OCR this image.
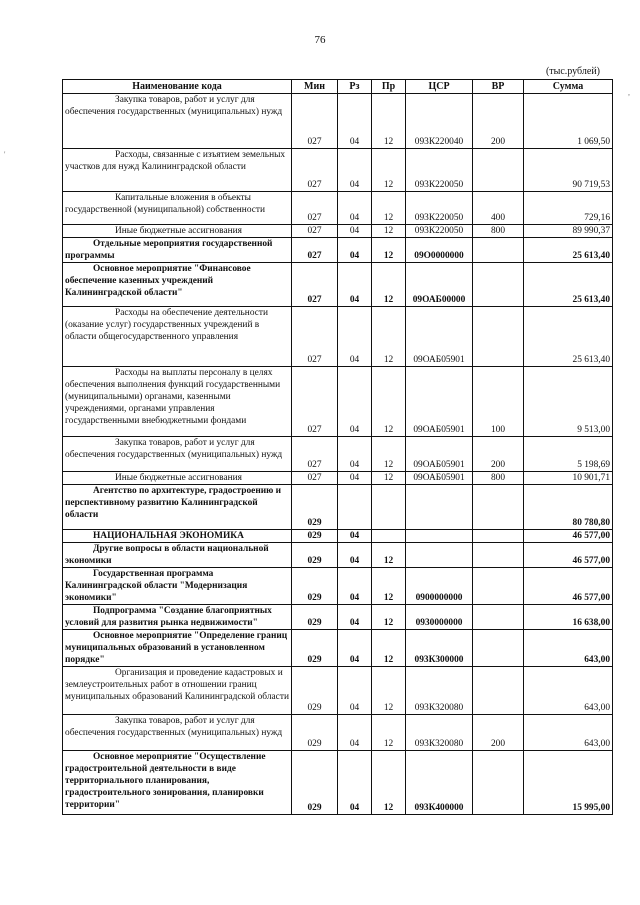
76
(тыс.рублей)
Наименование кода	Мин	Рз	Пр	ЦСР	ВР	Сумма
Закупка товаров, работ и услуг для обеспечения государственных (муниципальных) нужд	027	04	12	093К220040	200	1 069,50
Расходы, связанные с изъятием земельных участков для нужд Калининградской области	027	04	12	093К220050		90 719,53
Капитальные вложения в объекты государственной (муниципальной) собственности	027	04	12	093К220050	400	729,16
Иные бюджетные ассигнования	027	04	12	093К220050	800	89 990,37
Отдельные мероприятия государственной программы	027	04	12	09О0000000		25 613,40
Основное мероприятие "Финансовое обеспечение казенных учреждений Калининградской области"	027	04	12	09ОАБ00000		25 613,40
Расходы на обеспечение деятельности (оказание услуг) государственных учреждений в области общегосударственного управления	027	04	12	09ОАБ05901		25 613,40
Расходы на выплаты персоналу в целях обеспечения выполнения функций государственными (муниципальными) органами, казенными учреждениями, органами управления государственными внебюджетными фондами	027	04	12	09ОАБ05901	100	9 513,00
Закупка товаров, работ и услуг для обеспечения государственных (муниципальных) нужд	027	04	12	09ОАБ05901	200	5 198,69
Иные бюджетные ассигнования	027	04	12	09ОАБ05901	800	10 901,71
Агентство по архитектуре, градостроению и перспективному развитию Калининградской области	029					80 780,80
НАЦИОНАЛЬНАЯ ЭКОНОМИКА	029	04				46 577,00
Другие вопросы в области национальной экономики	029	04	12			46 577,00
Государственная программа Калининградской области "Модернизация экономики"	029	04	12	0900000000		46 577,00
Подпрограмма "Создание благоприятных условий для развития рынка недвижимости"	029	04	12	0930000000		16 638,00
Основное мероприятие "Определение границ муниципальных образований в установленном порядке"	029	04	12	093К300000		643,00
Организация и проведение кадастровых и землеустроительных работ в отношении границ муниципальных образований Калининградской области	029	04	12	093К320080		643,00
Закупка товаров, работ и услуг для обеспечения государственных (муниципальных) нужд	029	04	12	093К320080	200	643,00
Основное мероприятие "Осуществление градостроительной деятельности в виде территориального планирования, градостроительного зонирования, планировки территории"	029	04	12	093К400000		15 995,00
'
,
